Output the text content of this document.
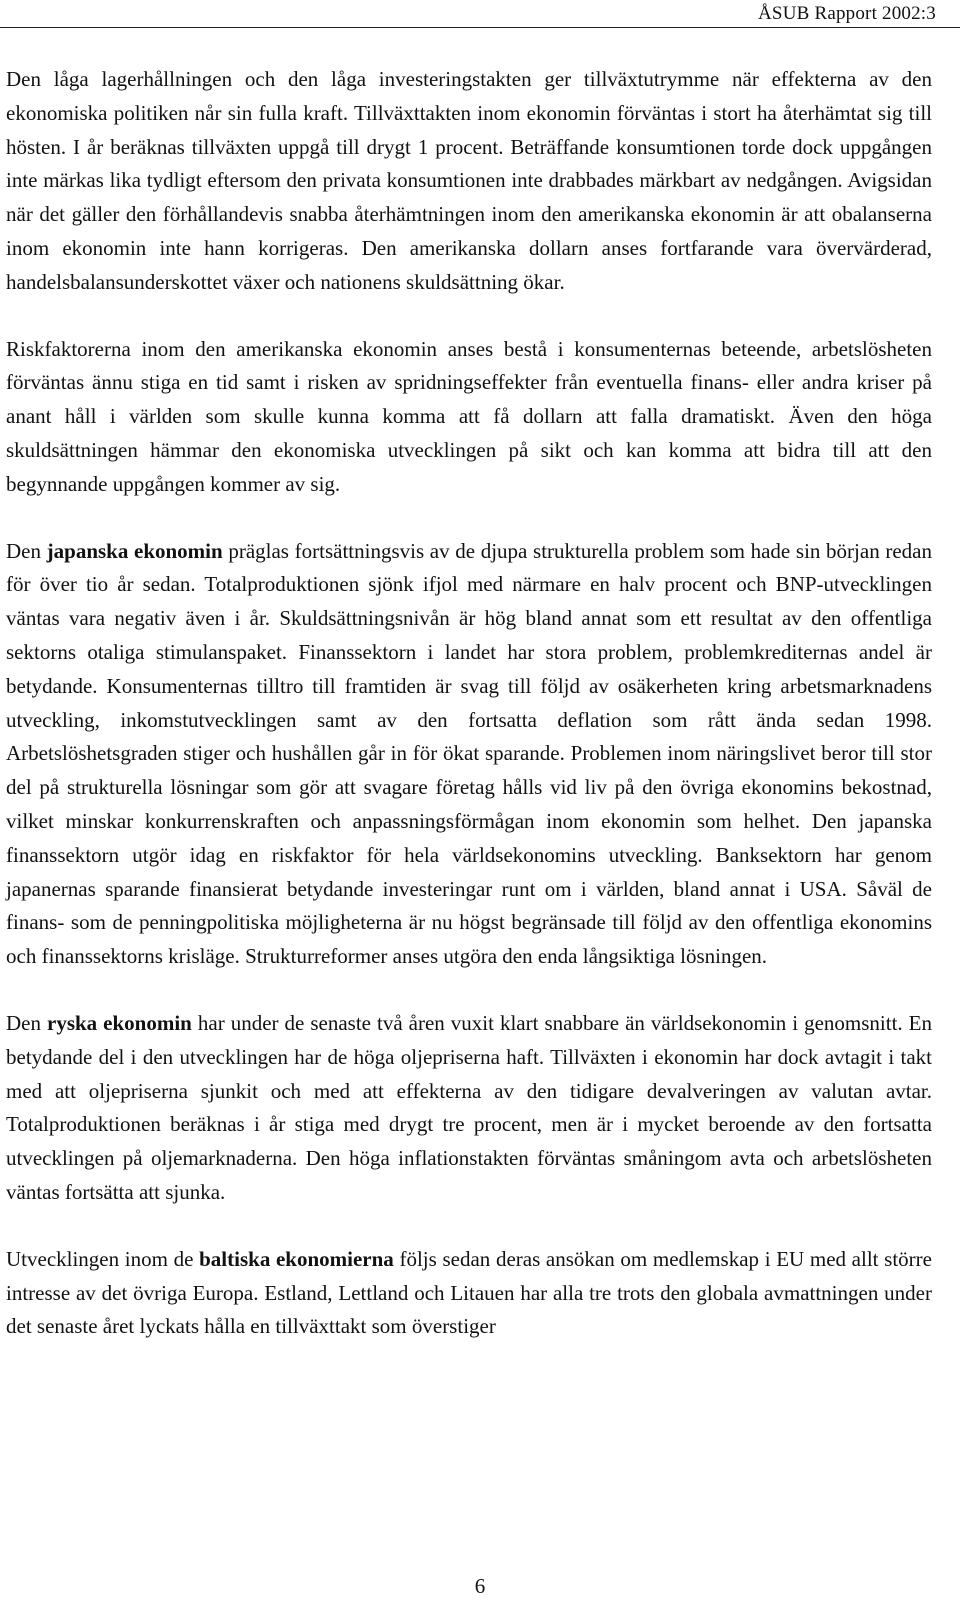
ÅSUB Rapport 2002:3

Den låga lagerhållningen och den låga investeringstakten ger tillväxtutrymme när effekterna av den ekonomiska politiken når sin fulla kraft. Tillväxttakten inom ekonomin förväntas i stort ha återhämtat sig till hösten. I år beräknas tillväxten uppgå till drygt 1 procent. Beträffande konsumtionen torde dock uppgången inte märkas lika tydligt eftersom den privata konsumtionen inte drabbades märkbart av nedgången. Avigsidan när det gäller den förhållandevis snabba återhämtningen inom den amerikanska ekonomin är att obalanserna inom ekonomin inte hann korrigeras. Den amerikanska dollarn anses fortfarande vara övervärderad, handelsbalansunderskottet växer och nationens skuldsättning ökar.

Riskfaktorerna inom den amerikanska ekonomin anses bestå i konsumenternas beteende, arbetslösheten förväntas ännu stiga en tid samt i risken av spridningseffekter från eventuella finans- eller andra kriser på anant håll i världen som skulle kunna komma att få dollarn att falla dramatiskt. Även den höga skuldsättningen hämmar den ekonomiska utvecklingen på sikt och kan komma att bidra till att den begynnande uppgången kommer av sig.

Den japanska ekonomin präglas fortsättningsvis av de djupa strukturella problem som hade sin början redan för över tio år sedan. Totalproduktionen sjönk ifjol med närmare en halv procent och BNP-utvecklingen väntas vara negativ även i år. Skuldsättningsnivån är hög bland annat som ett resultat av den offentliga sektorns otaliga stimulanspaket. Finanssektorn i landet har stora problem, problemkrediternas andel är betydande. Konsumenternas tilltro till framtiden är svag till följd av osäkerheten kring arbetsmarknadens utveckling, inkomstutvecklingen samt av den fortsatta deflation som rått ända sedan 1998. Arbetslöshetsgraden stiger och hushållen går in för ökat sparande. Problemen inom näringslivet beror till stor del på strukturella lösningar som gör att svagare företag hålls vid liv på den övriga ekonomins bekostnad, vilket minskar konkurrenskraften och anpassningsförmågan inom ekonomin som helhet. Den japanska finanssektorn utgör idag en riskfaktor för hela världsekonomins utveckling. Banksektorn har genom japanernas sparande finansierat betydande investeringar runt om i världen, bland annat i USA. Såväl de finans- som de penningpolitiska möjligheterna är nu högst begränsade till följd av den offentliga ekonomins och finanssektorns krisläge. Strukturreformer anses utgöra den enda långsiktiga lösningen.

Den ryska ekonomin har under de senaste två åren vuxit klart snabbare än världsekonomin i genomsnitt. En betydande del i den utvecklingen har de höga oljepriserna haft. Tillväxten i ekonomin har dock avtagit i takt med att oljepriserna sjunkit och med att effekterna av den tidigare devalveringen av valutan avtar. Totalproduktionen beräknas i år stiga med drygt tre procent, men är i mycket beroende av den fortsatta utvecklingen på oljemarknaderna. Den höga inflationstakten förväntas småningom avta och arbetslösheten väntas fortsätta att sjunka.

Utvecklingen inom de baltiska ekonomierna följs sedan deras ansökan om medlemskap i EU med allt större intresse av det övriga Europa. Estland, Lettland och Litauen har alla tre trots den globala avmattningen under det senaste året lyckats hålla en tillväxttakt som överstiger

6
